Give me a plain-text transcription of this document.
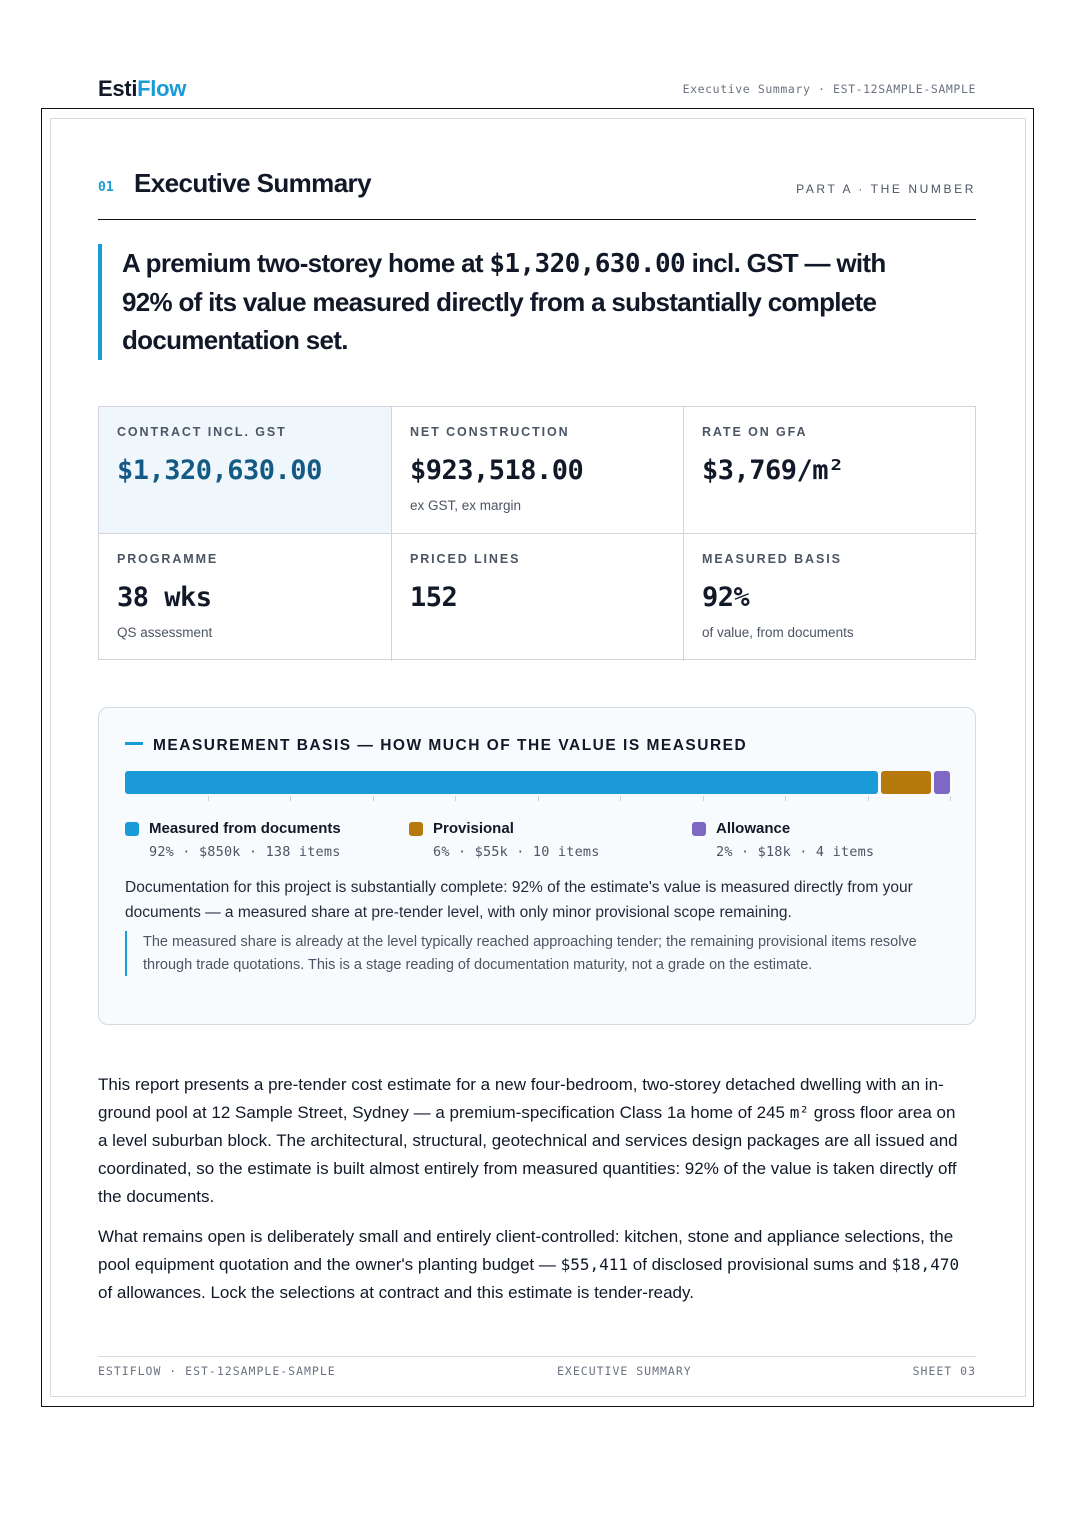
EstiFlow	Executive Summary · EST-12SAMPLE-SAMPLE
01 Executive Summary	PART A · THE NUMBER
A premium two-storey home at $1,320,630.00 incl. GST — with 92% of its value measured directly from a substantially complete documentation set.
CONTRACT INCL. GST
$1,320,630.00
NET CONSTRUCTION
$923,518.00
ex GST, ex margin
RATE ON GFA
$3,769/m²
PROGRAMME
38 wks
QS assessment
PRICED LINES
152
MEASURED BASIS
92%
of value, from documents
MEASUREMENT BASIS — HOW MUCH OF THE VALUE IS MEASURED
Measured from documents
92% · $850k · 138 items
Provisional
6% · $55k · 10 items
Allowance
2% · $18k · 4 items
Documentation for this project is substantially complete: 92% of the estimate's value is measured directly from your documents — a measured share at pre-tender level, with only minor provisional scope remaining.
The measured share is already at the level typically reached approaching tender; the remaining provisional items resolve through trade quotations. This is a stage reading of documentation maturity, not a grade on the estimate.

This report presents a pre-tender cost estimate for a new four-bedroom, two-storey detached dwelling with an in-ground pool at 12 Sample Street, Sydney — a premium-specification Class 1a home of 245 m² gross floor area on a level suburban block. The architectural, structural, geotechnical and services design packages are all issued and coordinated, so the estimate is built almost entirely from measured quantities: 92% of the value is taken directly off the documents.

What remains open is deliberately small and entirely client-controlled: kitchen, stone and appliance selections, the pool equipment quotation and the owner's planting budget — $55,411 of disclosed provisional sums and $18,470 of allowances. Lock the selections at contract and this estimate is tender-ready.

ESTIFLOW · EST-12SAMPLE-SAMPLE	EXECUTIVE SUMMARY	SHEET 03
